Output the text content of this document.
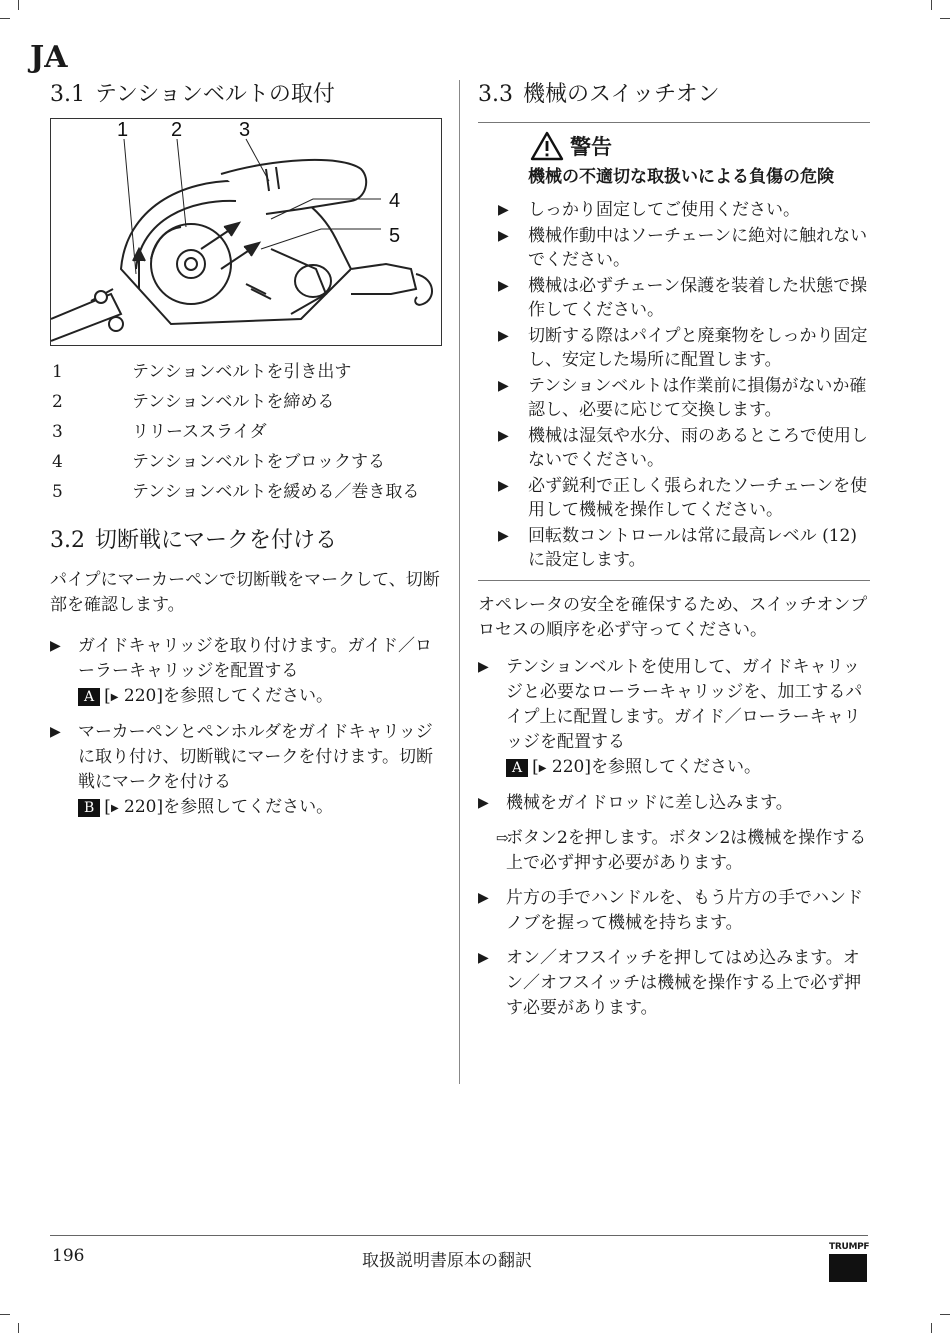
JA
3.1 テンションベルトの取付
1 2	3
4
5
1	テンションベルトを引き出す
2	テンションベルトを締める
3	リリーススライダ
4	テンションベルトをブロックする
5	テンションベルトを緩める／巻き取る
3.2 切断戦にマークを付ける

パイプにマーカーペンで切断戦をマークして、切断部を確認します。

▶ ガイドキャリッジを取り付けます。ガイド／ローラーキャリッジを配置する
A [▶ 220]を参照してください。
▶ マーカーペンとペンホルダをガイドキャリッジに取り付け、切断戦にマークを付けます。切断戦にマークを付ける
B [▶ 220]を参照してください。
3.3 機械のスイッチオン
警告
機械の不適切な取扱いによる負傷の危険
▶ しっかり固定してご使用ください。
▶ 機械作動中はソーチェーンに絶対に触れないでください。
▶ 機械は必ずチェーン保護を装着した状態で操作してください。
▶ 切断する際はパイプと廃棄物をしっかり固定し、安定した場所に配置します。
▶ テンションベルトは作業前に損傷がないか確認し、必要に応じて交換します。
▶ 機械は湿気や水分、雨のあるところで使用しないでください。
▶ 必ず鋭利で正しく張られたソーチェーンを使用して機械を操作してください。
▶ 回転数コントロールは常に最高レベル (12) に設定します。

オペレータの安全を確保するため、スイッチオンプロセスの順序を必ず守ってください。

▶ テンションベルトを使用して、ガイドキャリッジと必要なローラーキャリッジを、加工するパイプ上に配置します。ガイド／ローラーキャリッジを配置する
A [▶ 220]を参照してください。
▶ 機械をガイドロッドに差し込みます。
⇨
ボタン2を押します。ボタン2は機械を操作する上で必ず押す必要があります。
▶ 片方の手でハンドルを、もう片方の手でハンドノブを握って機械を持ちます。
▶ オン／オフスイッチを押してはめ込みます。オン／オフスイッチは機械を操作する上で必ず押す必要があります。
196	取扱説明書原本の翻訳
TRUMPF
